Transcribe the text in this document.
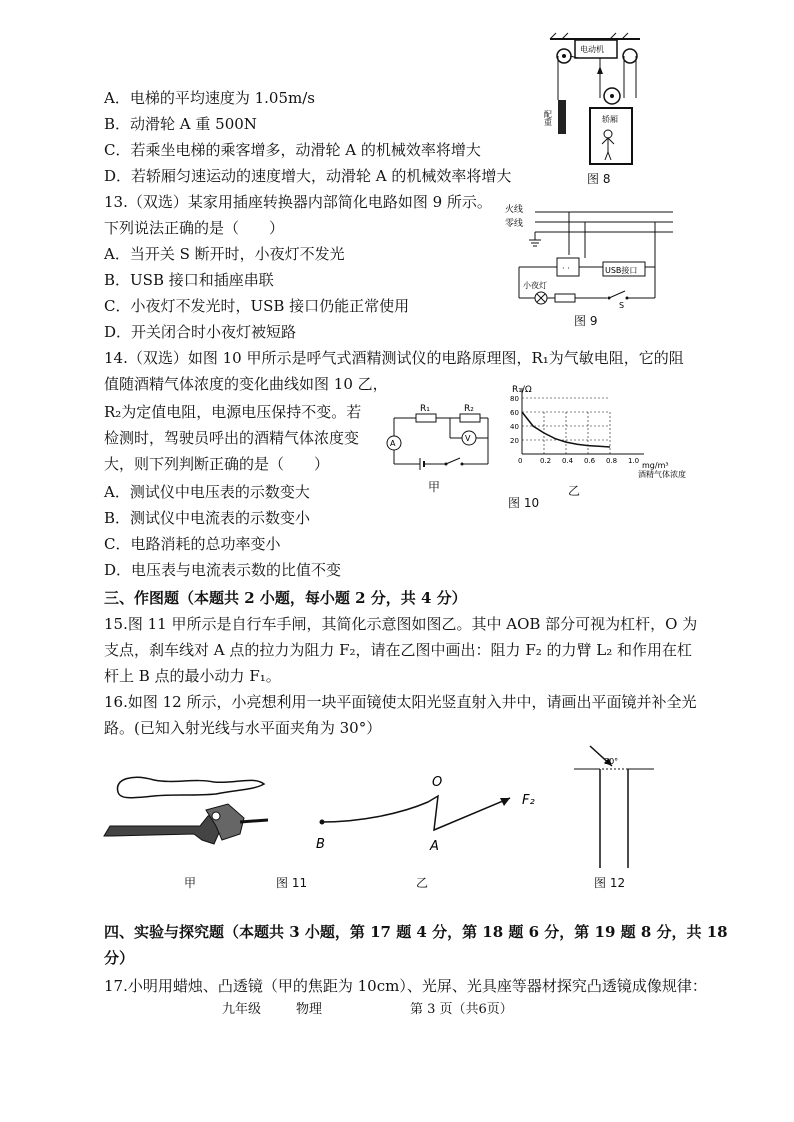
A．电梯的平均速度为 1.05m/s
B．动滑轮 A 重 500N
C．若乘坐电梯的乘客增多，动滑轮 A 的机械效率将增大
D．若轿厢匀速运动的速度增大，动滑轮 A 的机械效率将增大
电动机
配重	轿厢
图 8
13.（双选）某家用插座转换器内部简化电路如图 9 所示。
下列说法正确的是（　　）
A．当开关 S 断开时，小夜灯不发光
B．USB 接口和插座串联
C．小夜灯不发光时，USB 接口仍能正常使用
D．开关闭合时小夜灯被短路
火线
零线
· ·	USB接口
小夜灯
S
图 9
14.（双选）如图 10 甲所示是呼气式酒精测试仪的电路原理图，R₁为气敏电阻，它的阻
值随酒精气体浓度的变化曲线如图 10 乙，
R₂为定值电阻，电源电压保持不变。若
检测时，驾驶员呼出的酒精气体浓度变
大，则下列判断正确的是（　　）
A．测试仪中电压表的示数变大
B．测试仪中电流表的示数变小
C．电路消耗的总功率变小
D．电压表与电流表示数的比值不变
R₁	R₂
V
A
甲
0	0.2 0.4 0.6 0.8 1.0
20
40
60
80
R₁/Ω
mg/m³
酒精气体浓度
图 10
乙
三、作图题（本题共 2 小题，每小题 2 分，共 4 分）
15.图 11 甲所示是自行车手闸，其简化示意图如图乙。其中 AOB 部分可视为杠杆，O 为
支点，刹车线对 A 点的拉力为阻力 F₂，请在乙图中画出：阻力 F₂ 的力臂 L₂ 和作用在杠
杆上 B 点的最小动力 F₁。
16.如图 12 所示，小亮想利用一块平面镜使太阳光竖直射入井中，请画出平面镜并补全光
路。(已知入射光线与水平面夹角为 30°）
甲	图 11
O
B	A
F₂
乙
30°
图 12
四、实验与探究题（本题共 3 小题，第 17 题 4 分，第 18 题 6 分，第 19 题 8 分，共 18
分）
17.小明用蜡烛、凸透镜（甲的焦距为 10cm）、光屏、光具座等器材探究凸透镜成像规律：
九年级	物理	第 3 页（共6页）
